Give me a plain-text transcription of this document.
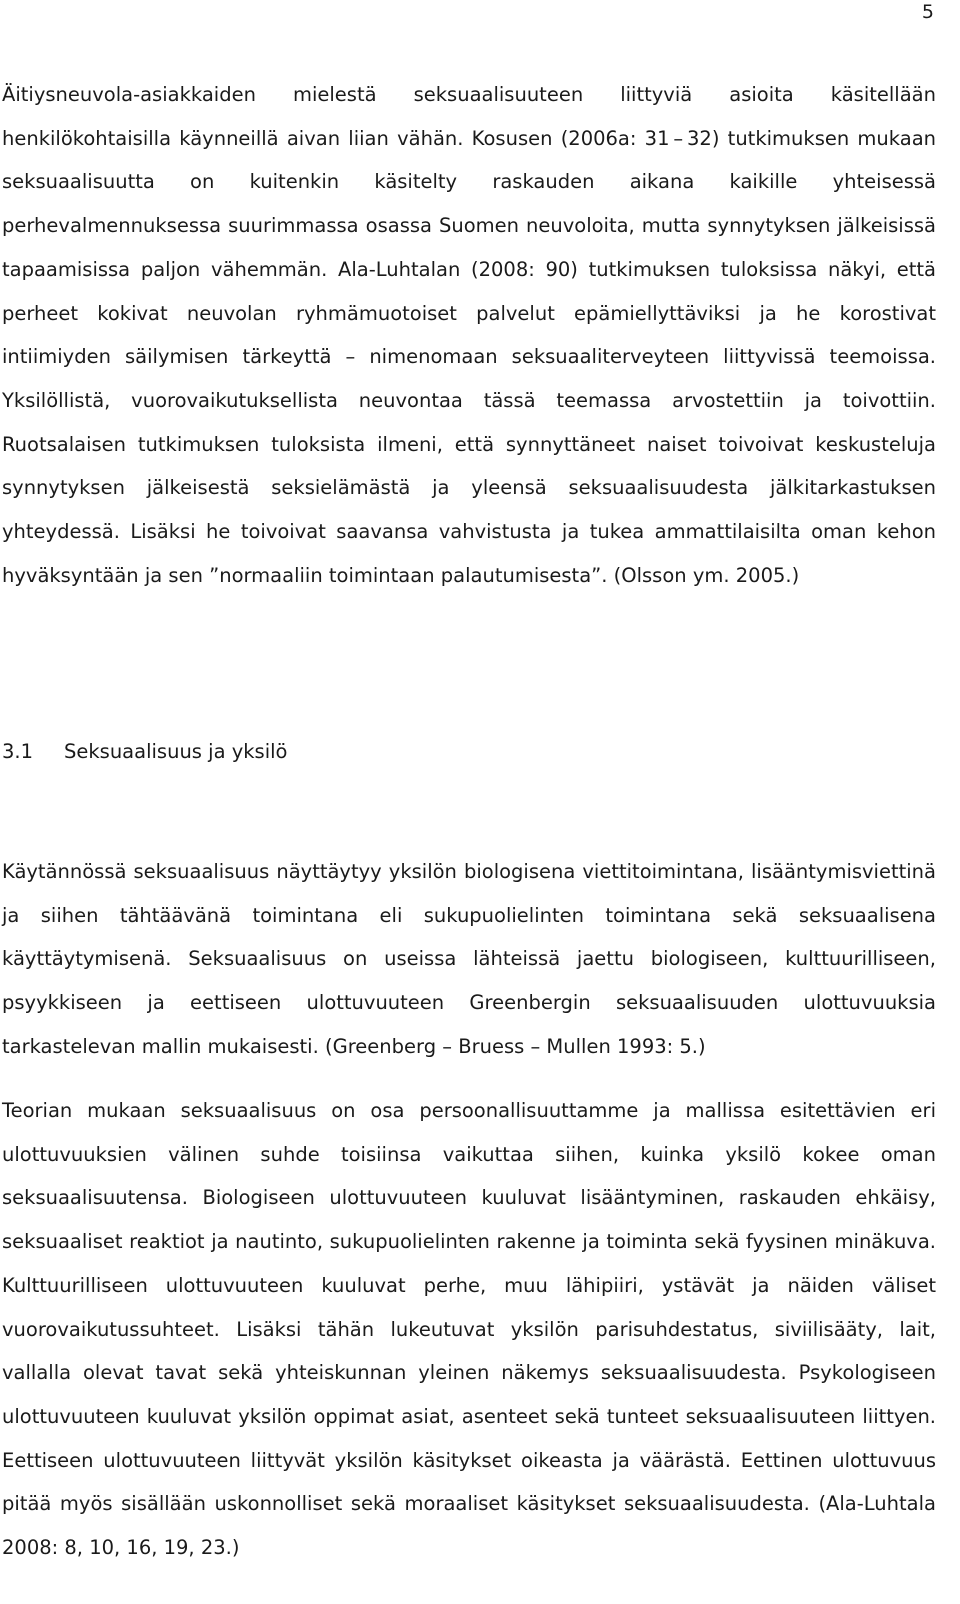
5

Äitiysneuvola-asiakkaiden mielestä seksuaalisuuteen liittyviä asioita käsitellään henkilökohtaisilla käynneillä aivan liian vähän. Kosusen (2006a: 31 – 32) tutkimuksen mukaan seksuaalisuutta on kuitenkin käsitelty raskauden aikana kaikille yhteisessä perhevalmennuksessa suurimmassa osassa Suomen neuvoloita, mutta synnytyksen jälkeisissä tapaamisissa paljon vähemmän. Ala-Luhtalan (2008: 90) tutkimuksen tuloksissa näkyi, että perheet kokivat neuvolan ryhmämuotoiset palvelut epämiellyttäviksi ja he korostivat intiimiyden säilymisen tärkeyttä – nimenomaan seksuaaliterveyteen liittyvissä teemoissa. Yksilöllistä, vuorovaikutuksellista neuvontaa tässä teemassa arvostettiin ja toivottiin. Ruotsalaisen tutkimuksen tuloksista ilmeni, että synnyttäneet naiset toivoivat keskusteluja synnytyksen jälkeisestä seksielämästä ja yleensä seksuaalisuudesta jälkitarkastuksen yhteydessä. Lisäksi he toivoivat saavansa vahvistusta ja tukea ammattilaisilta oman kehon hyväksyntään ja sen ”normaaliin toimintaan palautumisesta”. (Olsson ym. 2005.)

3.1 Seksuaalisuus ja yksilö

Käytännössä seksuaalisuus näyttäytyy yksilön biologisena viettitoimintana, lisääntymisviettinä ja siihen tähtäävänä toimintana eli sukupuolielinten toimintana sekä seksuaalisena käyttäytymisenä. Seksuaalisuus on useissa lähteissä jaettu biologiseen, kulttuurilliseen, psyykkiseen ja eettiseen ulottuvuuteen Greenbergin seksuaalisuuden ulottuvuuksia tarkastelevan mallin mukaisesti. (Greenberg – Bruess – Mullen 1993: 5.)

Teorian mukaan seksuaalisuus on osa persoonallisuuttamme ja mallissa esitettävien eri ulottuvuuksien välinen suhde toisiinsa vaikuttaa siihen, kuinka yksilö kokee oman seksuaalisuutensa. Biologiseen ulottuvuuteen kuuluvat lisääntyminen, raskauden ehkäisy, seksuaaliset reaktiot ja nautinto, sukupuolielinten rakenne ja toiminta sekä fyysinen minäkuva. Kulttuurilliseen ulottuvuuteen kuuluvat perhe, muu lähipiiri, ystävät ja näiden väliset vuorovaikutussuhteet. Lisäksi tähän lukeutuvat yksilön parisuhdestatus, siviilisääty, lait, vallalla olevat tavat sekä yhteiskunnan yleinen näkemys seksuaalisuudesta. Psykologiseen ulottuvuuteen kuuluvat yksilön oppimat asiat, asenteet sekä tunteet seksuaalisuuteen liittyen. Eettiseen ulottuvuuteen liittyvät yksilön käsitykset oikeasta ja väärästä. Eettinen ulottuvuus pitää myös sisällään uskonnolliset sekä moraaliset käsitykset seksuaalisuudesta. (Ala-Luhtala 2008: 8, 10, 16, 19, 23.)
